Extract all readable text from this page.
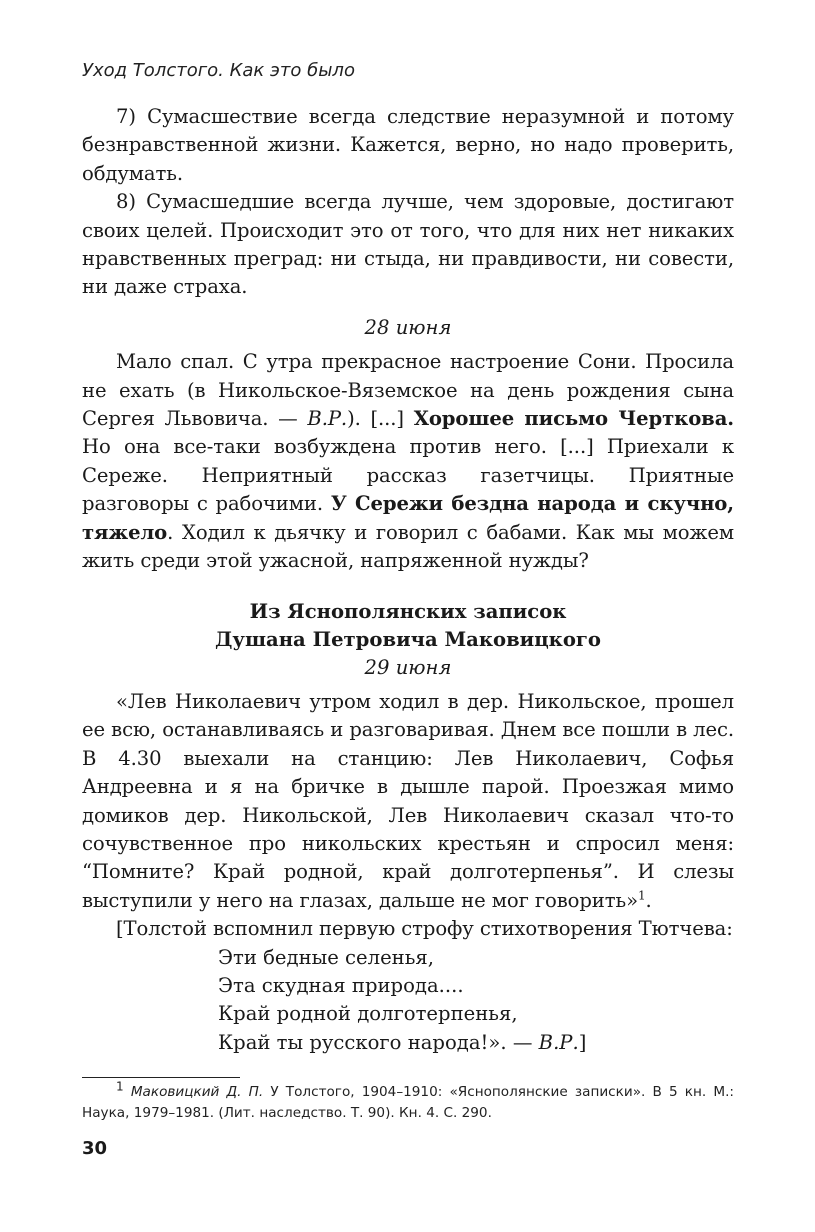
Уход Толстого. Как это было

7) Сумасшествие всегда следствие неразумной и потому безнравственной жизни. Кажется, верно, но надо проверить, обдумать.

8) Сумасшедшие всегда лучше, чем здоровые, достигают своих целей. Происходит это от того, что для них нет никаких нравственных преград: ни стыда, ни правдивости, ни совести, ни даже страха.

28 июня

Мало спал. С утра прекрасное настроение Сони. Просила не ехать (в Никольское-Вяземское на день рождения сына Сергея Львовича. — В.Р.). [...] Хорошее письмо Черткова. Но она все-таки возбуждена против него. [...] Приехали к Сереже. Неприятный рассказ газетчицы. Приятные разговоры с рабочими. У Сережи бездна народа и скучно, тяжело. Ходил к дьячку и говорил с бабами. Как мы можем жить среди этой ужасной, напряженной нужды?

Из Яснополянских записок
Душана Петровича Маковицкого
29 июня

«Лев Николаевич утром ходил в дер. Никольское, прошел ее всю, останавливаясь и разговаривая. Днем все пошли в лес. В 4.30 выехали на станцию: Лев Николаевич, Софья Андреевна и я на бричке в дышле парой. Проезжая мимо домиков дер. Никольской, Лев Николаевич сказал что-то сочувственное про никольских крестьян и спросил меня: “Помните? Край родной, край долготерпенья”. И слезы выступили у него на глазах, дальше не мог говорить»$^1$.

[Толстой вспомнил первую строфу стихотворения Тютчева:

Эти бедные селенья,
Эта скудная природа....
Край родной долготерпенья,
Край ты русского народа!». — В.Р.]
$^1$ Маковицкий Д. П. У Толстого, 1904–1910: «Яснополянские записки». В 5 кн. М.: Наука, 1979–1981. (Лит. наследство. Т. 90). Кн. 4. С. 290.
30
